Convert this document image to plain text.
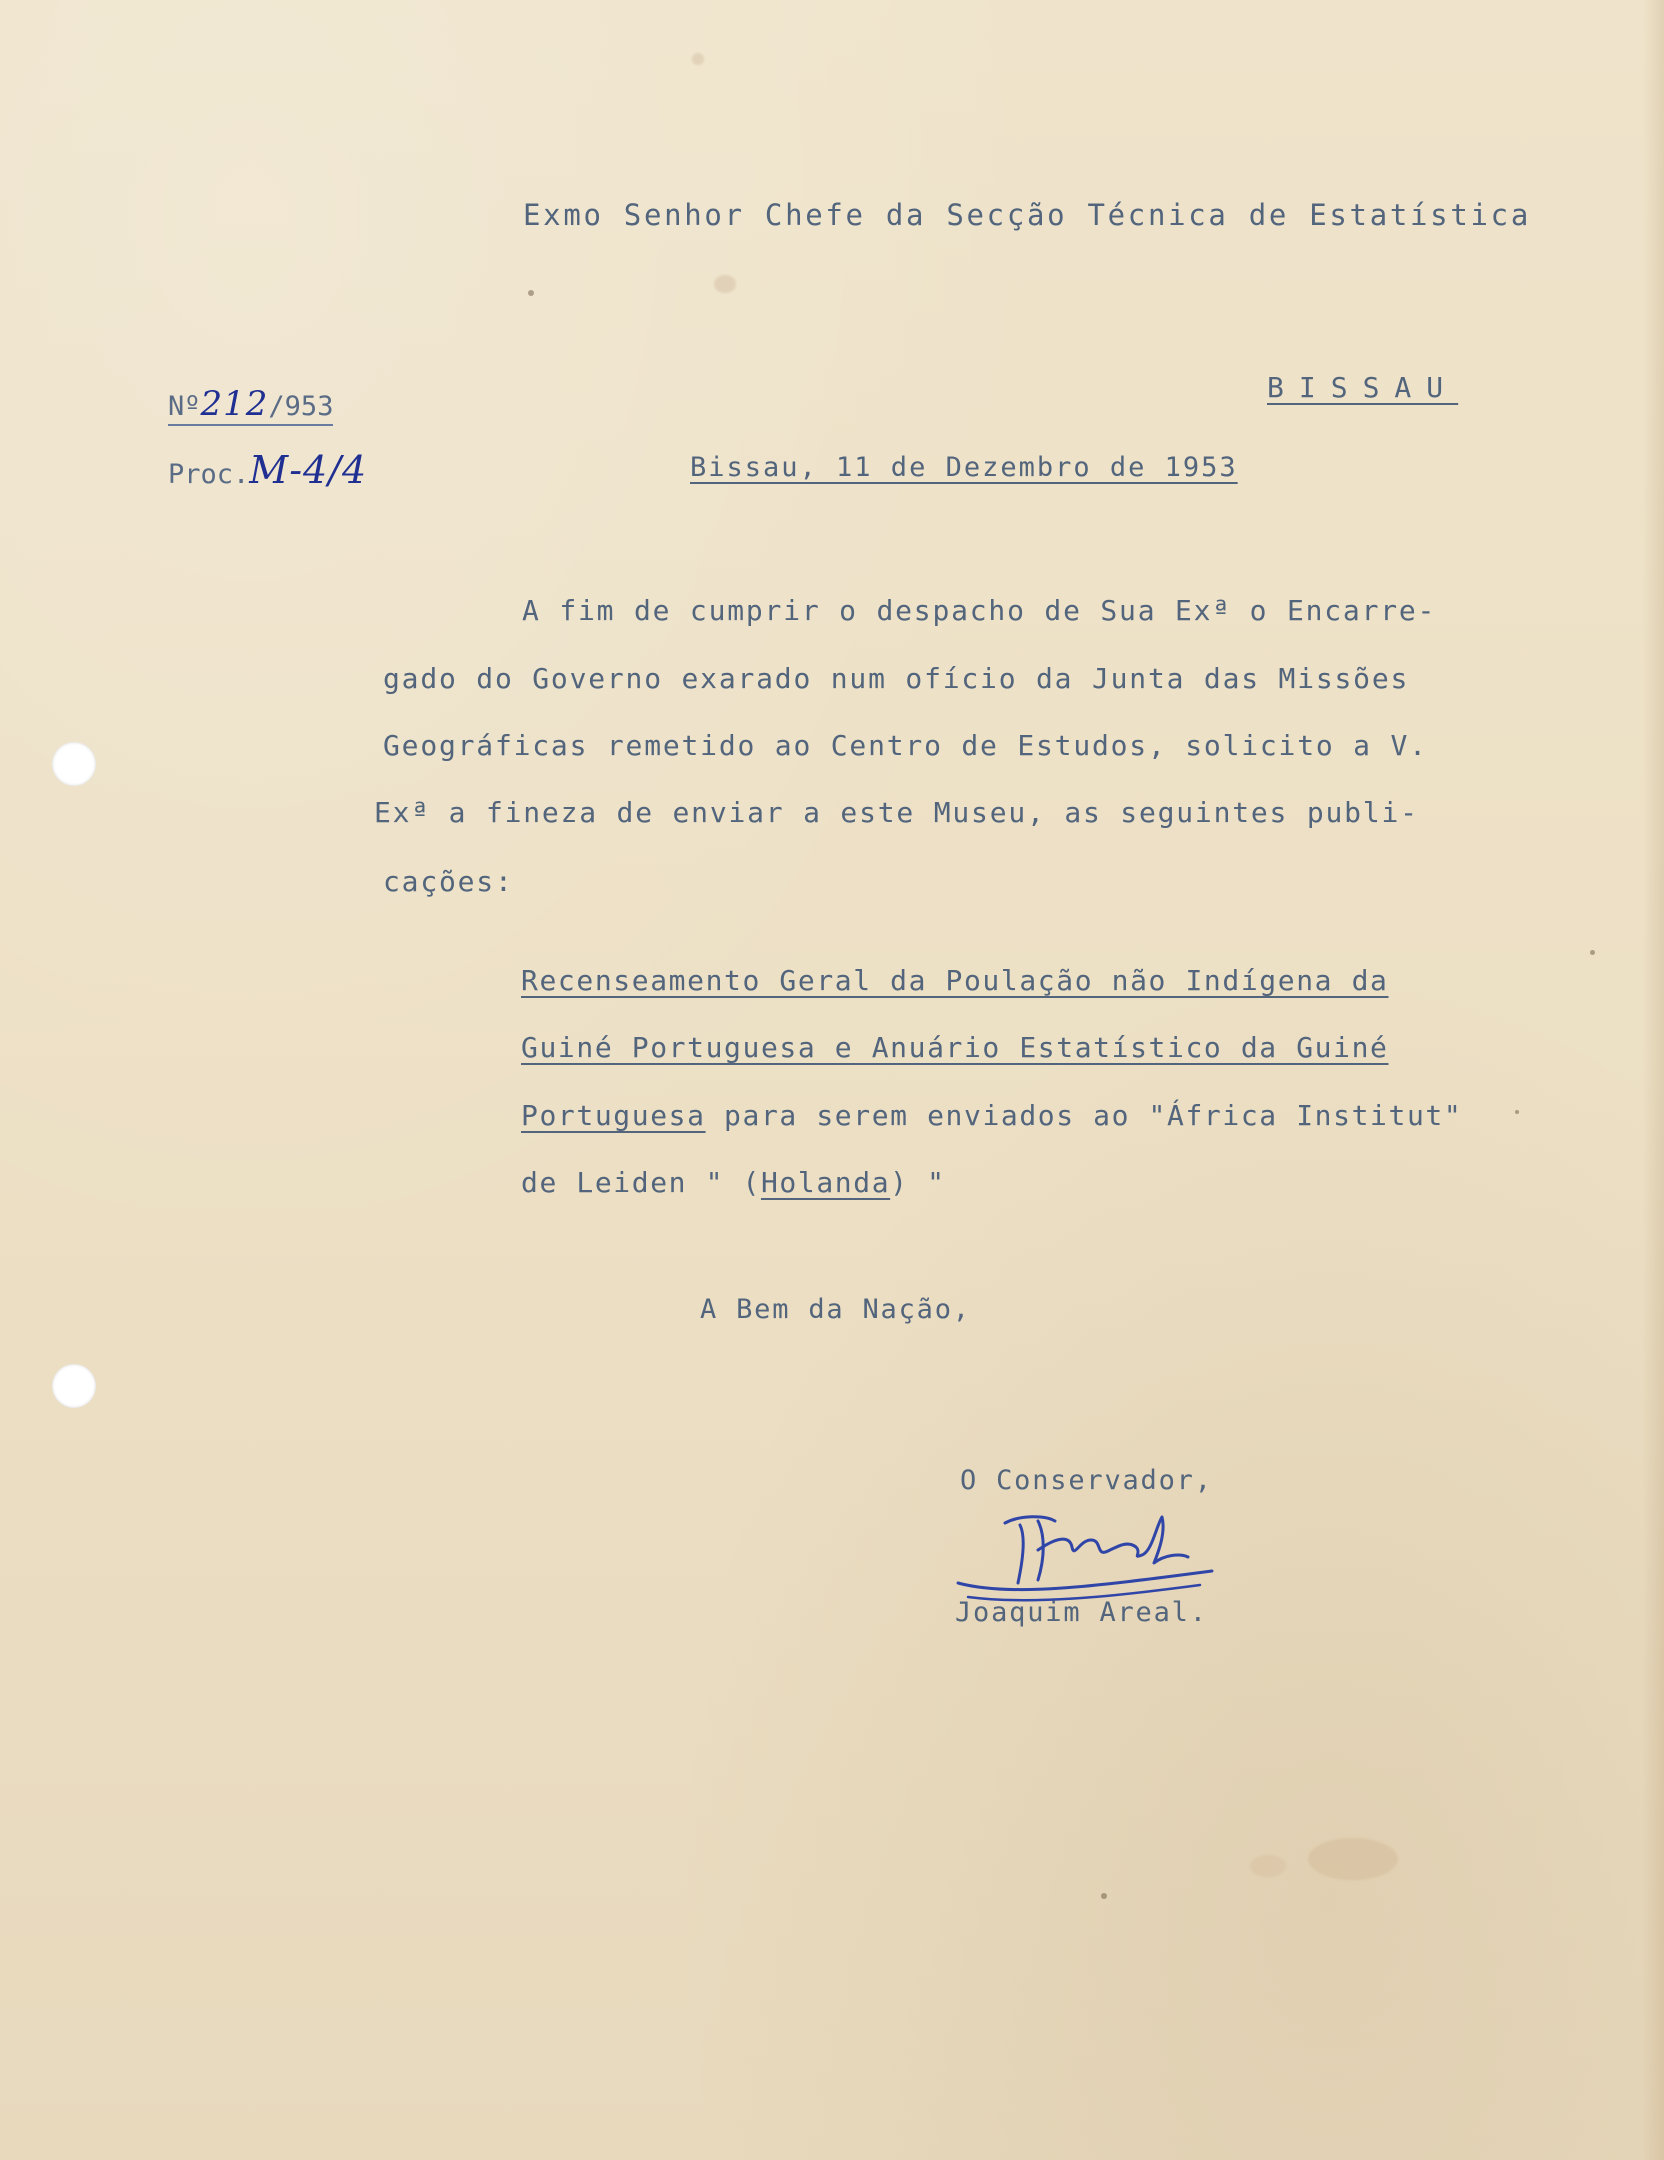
Exmo Senhor Chefe da Secção Técnica de Estatística
BISSAU
Nº212/953
Proc.M-4/4	Bissau, 11 de Dezembro de 1953
A fim de cumprir o despacho de Sua Exª o Encarre-
gado do Governo exarado num ofício da Junta das Missões
Geográficas remetido ao Centro de Estudos, solicito a V.
Exª a fineza de enviar a este Museu, as seguintes publi-
cações:
Recenseamento Geral da Poulação não Indígena da
Guiné Portuguesa e Anuário Estatístico da Guiné
Portuguesa para serem enviados ao "África Institut"
de Leiden " (Holanda) "
A Bem da Nação,
O Conservador,
Joaquim Areal.
